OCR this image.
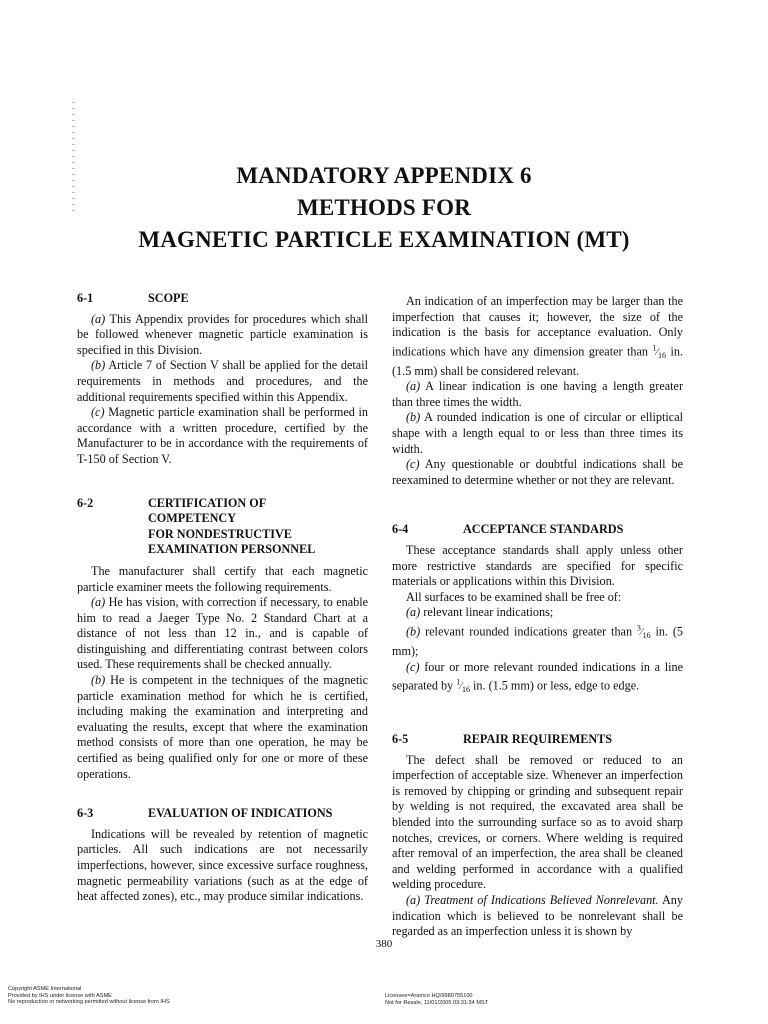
MANDATORY APPENDIX 6
METHODS FOR
MAGNETIC PARTICLE EXAMINATION (MT)
6-1	SCOPE

(a) This Appendix provides for procedures which shall be followed whenever magnetic particle examination is specified in this Division.

(b) Article 7 of Section V shall be applied for the detail requirements in methods and procedures, and the additional requirements specified within this Appendix.

(c) Magnetic particle examination shall be performed in accordance with a written procedure, certified by the Manufacturer to be in accordance with the requirements of T-150 of Section V.

6-2	CERTIFICATION OF
COMPETENCY
FOR NONDESTRUCTIVE
EXAMINATION PERSONNEL

The manufacturer shall certify that each magnetic particle examiner meets the following requirements.

(a) He has vision, with correction if necessary, to enable him to read a Jaeger Type No. 2 Standard Chart at a distance of not less than 12 in., and is capable of distinguishing and differentiating contrast between colors used. These requirements shall be checked annually.

(b) He is competent in the techniques of the magnetic particle examination method for which he is certified, including making the examination and interpreting and evaluating the results, except that where the examination method consists of more than one operation, he may be certified as being qualified only for one or more of these operations.

6-3	EVALUATION OF INDICATIONS

Indications will be revealed by retention of magnetic particles. All such indications are not necessarily imperfections, however, since excessive surface roughness, magnetic permeability variations (such as at the edge of heat affected zones), etc., may produce similar indications.

An indication of an imperfection may be larger than the imperfection that causes it; however, the size of the indication is the basis for acceptance evaluation. Only indications which have any dimension greater than $^1⁄_{16}$ in. (1.5 mm) shall be considered relevant.

(a) A linear indication is one having a length greater than three times the width.

(b) A rounded indication is one of circular or elliptical shape with a length equal to or less than three times its width.

(c) Any questionable or doubtful indications shall be reexamined to determine whether or not they are relevant.

6-4	ACCEPTANCE STANDARDS

These acceptance standards shall apply unless other more restrictive standards are specified for specific materials or applications within this Division.

All surfaces to be examined shall be free of:

(a) relevant linear indications;

(b) relevant rounded indications greater than $^3⁄_{16}$ in. (5 mm);

(c) four or more relevant rounded indications in a line separated by $^1⁄_{16}$ in. (1.5 mm) or less, edge to edge.

6-5	REPAIR REQUIREMENTS

The defect shall be removed or reduced to an imperfection of acceptable size. Whenever an imperfection is removed by chipping or grinding and subsequent repair by welding is not required, the excavated area shall be blended into the surrounding surface so as to avoid sharp notches, crevices, or corners. Where welding is required after removal of an imperfection, the area shall be cleaned and welding performed in accordance with a qualified welding procedure.

(a) Treatment of Indications Believed Nonrelevant. Any indication which is believed to be nonrelevant shall be regarded as an imperfection unless it is shown by

380
Copyright ASME International
Provided by IHS under license with ASME
No reproduction or networking permitted without license from IHS
Licensee=Aramco HQ/9980755100
Not for Resale, 11/01/2005 03:31:34 MST
